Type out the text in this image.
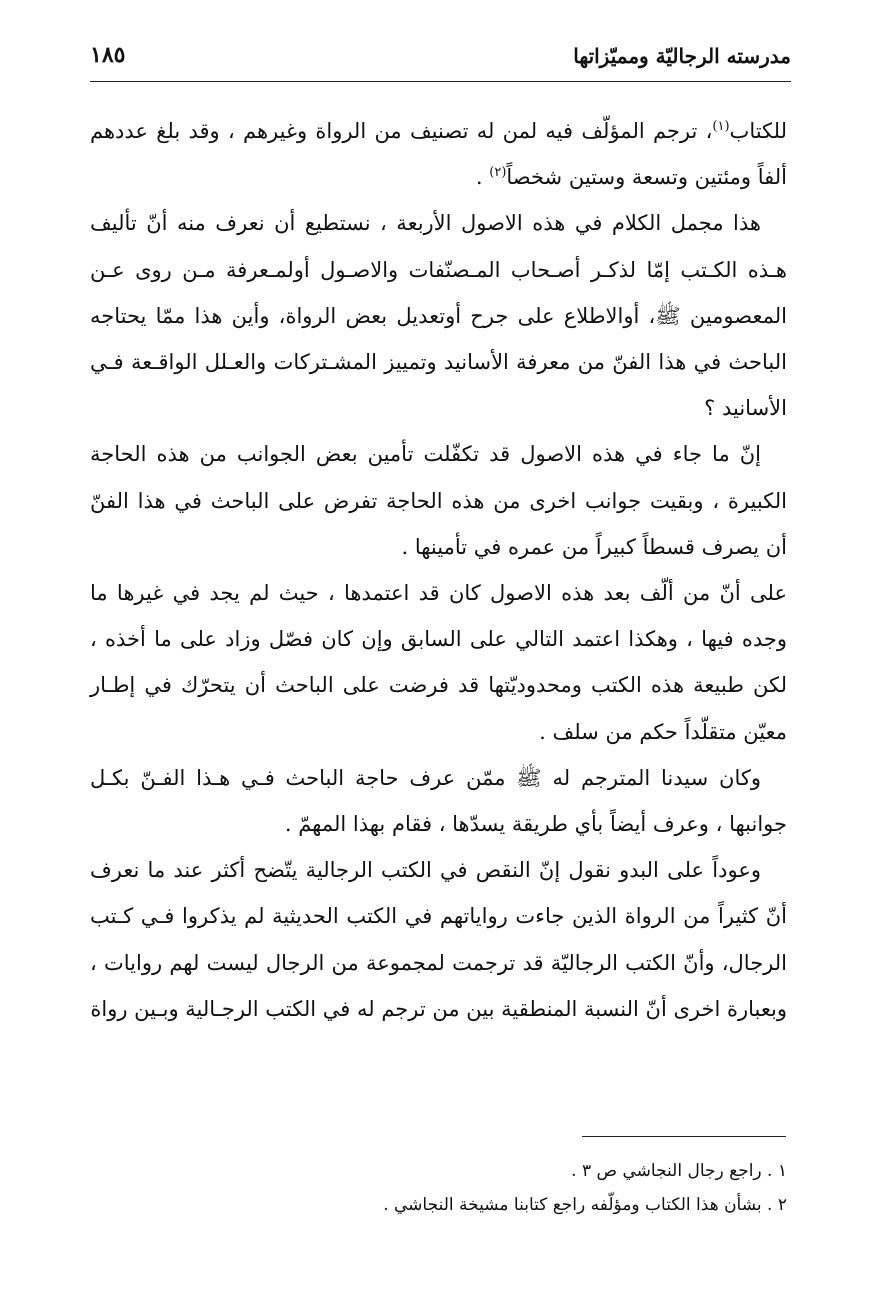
مدرسته الرجاليّة ومميّزاتها
١٨٥

للكتاب$^{(١)}$، ترجم المؤلّف فيه لمن له تصنيف من الرواة وغيرهم ، وقد بلغ عددهم ألفاً ومئتين وتسعة وستين شخصاً$^{(٢)}$ .

هذا مجمل الكلام في هذه الاصول الأربعة ، نستطيع أن نعرف منه أنّ تأليف هـذه الكـتب إمّا لذكـر أصـحاب المـصنّفات والاصـول أولمـعرفة مـن روى عـن المعصومين ﷺ، أوالاطلاع على جرح أوتعديل بعض الرواة، وأين هذا ممّا يحتاجه الباحث في هذا الفنّ من معرفة الأسانيد وتمييز المشـتركات والعـلل الواقـعة فـي الأسانيد ؟

إنّ ما جاء في هذه الاصول قد تكفّلت تأمين بعض الجوانب من هذه الحاجة الكبيرة ، وبقيت جوانب اخرى من هذه الحاجة تفرض على الباحث في هذا الفنّ أن يصرف قسطاً كبيراً من عمره في تأمينها .

على أنّ من ألّف بعد هذه الاصول كان قد اعتمدها ، حيث لم يجد في غيرها ما وجده فيها ، وهكذا اعتمد التالي على السابق وإن كان فصّل وزاد على ما أخذه ، لكن طبيعة هذه الكتب ومحدوديّتها قد فرضت على الباحث أن يتحرّك في إطـار معيّن متقلّداً حكم من سلف .

وكان سيدنا المترجم له ﷺ ممّن عرف حاجة الباحث فـي هـذا الفـنّ بكـل جوانبها ، وعرف أيضاً بأي طريقة يسدّها ، فقام بهذا المهمّ .

وعوداً على البدو نقول إنّ النقص في الكتب الرجالية يتّضح أكثر عند ما نعرف أنّ كثيراً من الرواة الذين جاءت رواياتهم في الكتب الحديثية لم يذكروا فـي كـتب الرجال، وأنّ الكتب الرجاليّة قد ترجمت لمجموعة من الرجال ليست لهم روايات ، وبعبارة اخرى أنّ النسبة المنطقية بين من ترجم له في الكتب الرجـالية وبـين رواة

١ . راجع رجال النجاشي ص ٣ .

٢ . بشأن هذا الكتاب ومؤلّفه راجع كتابنا مشيخة النجاشي .
